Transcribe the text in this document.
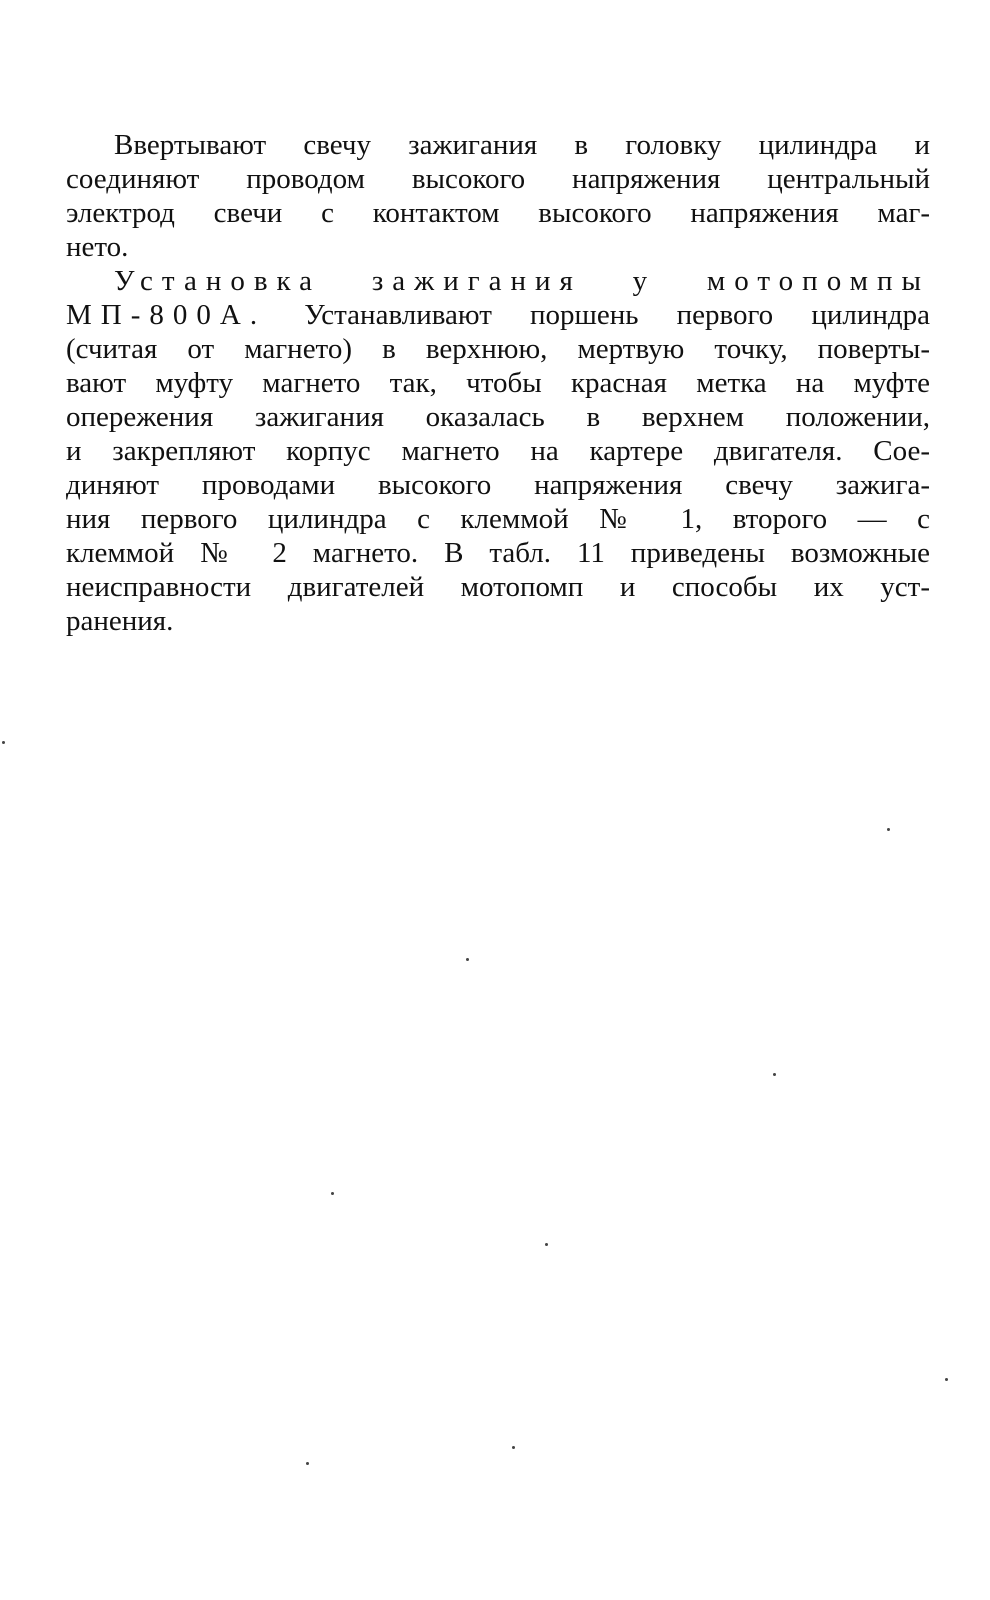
Ввертывают свечу зажигания в головку цилиндра и
соединяют проводом высокого напряжения центральный
электрод свечи с контактом высокого напряжения маг-
нето.
Установка зажигания у мотопомпы
МП-800А. Устанавливают поршень первого цилиндра
(считая от магнето) в верхнюю, мертвую точку, поверты-
вают муфту магнето так, чтобы красная метка на муфте
опережения зажигания оказалась в верхнем положении,
и закрепляют корпус магнето на картере двигателя. Сое-
диняют проводами высокого напряжения свечу зажига-
ния первого цилиндра с клеммой № 1, второго — с
клеммой № 2 магнето. В табл. 11 приведены возможные
неисправности двигателей мотопомп и способы их уст-
ранения.
